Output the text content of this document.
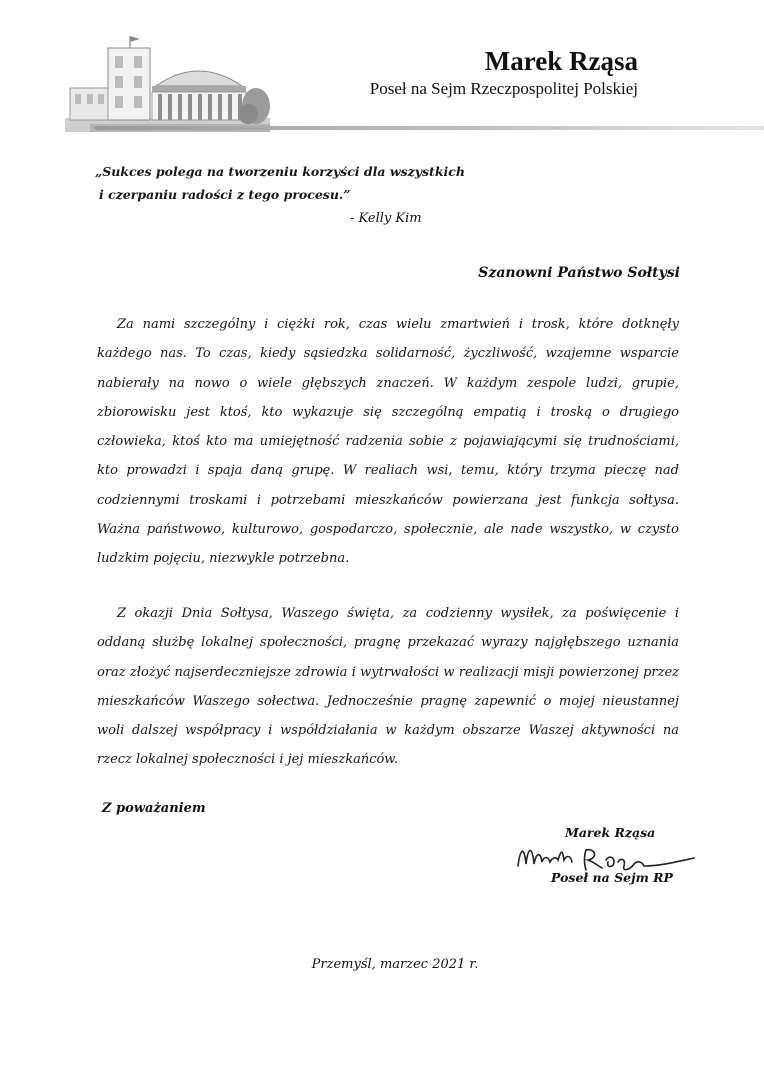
Marek Rząsa
Poseł na Sejm Rzeczpospolitej Polskiej
„Sukces polega na tworzeniu korzyści dla wszystkich
i czerpaniu radości z tego procesu.”
- Kelly Kim
Szanowni Państwo Sołtysi

Za nami szczególny i ciężki rok, czas wielu zmartwień i trosk, które dotknęły każdego nas. To czas, kiedy sąsiedzka solidarność, życzliwość, wzajemne wsparcie nabierały na nowo o wiele głębszych znaczeń. W każdym zespole ludzi, grupie, zbiorowisku jest ktoś, kto wykazuje się szczególną empatią i troską o drugiego człowieka, ktoś kto ma umiejętność radzenia sobie z pojawiającymi się trudnościami, kto prowadzi i spaja daną grupę. W realiach wsi, temu, który trzyma pieczę nad codziennymi troskami i potrzebami mieszkańców powierzana jest funkcja sołtysa. Ważna państwowo, kulturowo, gospodarczo, społecznie, ale nade wszystko, w czysto ludzkim pojęciu, niezwykle potrzebna.

Z okazji Dnia Sołtysa, Waszego święta, za codzienny wysiłek, za poświęcenie i oddaną służbę lokalnej społeczności, pragnę przekazać wyrazy najgłębszego uznania oraz złożyć najserdeczniejsze zdrowia i wytrwałości w realizacji misji powierzonej przez mieszkańców Waszego sołectwa. Jednocześnie pragnę zapewnić o mojej nieustannej woli dalszej współpracy i współdziałania w każdym obszarze Waszej aktywności na rzecz lokalnej społeczności i jej mieszkańców.

Z poważaniem
Marek Rząsa
Poseł na Sejm RP
Przemyśl, marzec 2021 r.
